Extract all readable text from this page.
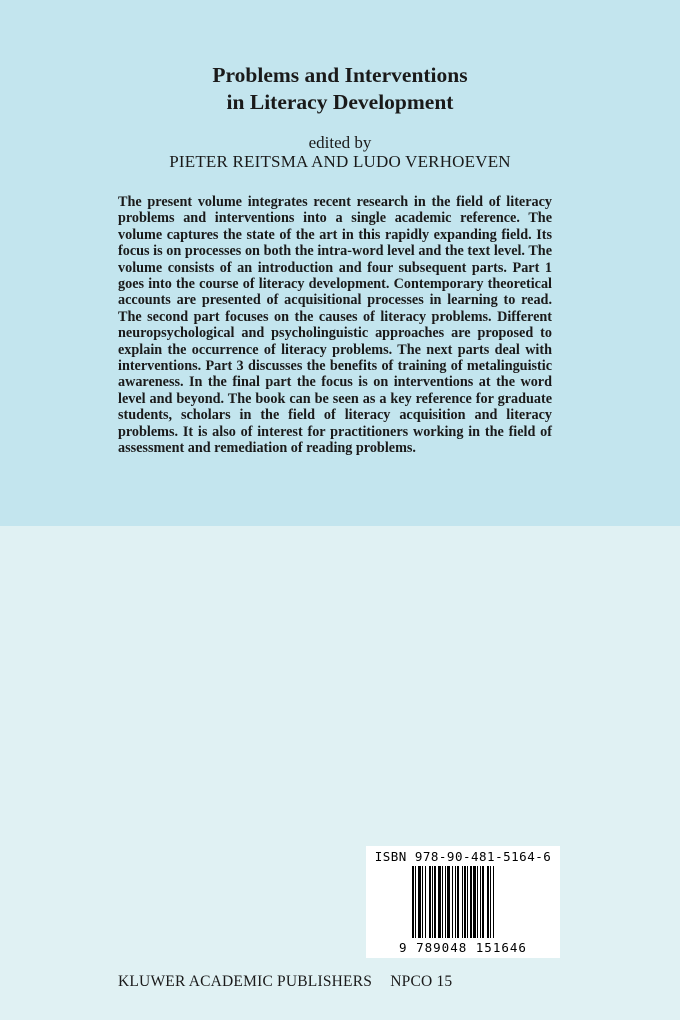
Problems and Interventions
in Literacy Development
edited by
PIETER REITSMA AND LUDO VERHOEVEN
The present volume integrates recent research in the field of literacy problems and interventions into a single academic reference. The volume captures the state of the art in this rapidly expanding field. Its focus is on processes on both the intra-word level and the text level. The volume consists of an introduction and four subsequent parts. Part 1 goes into the course of literacy development. Contemporary theoretical accounts are presented of acquisitional processes in learning to read. The second part focuses on the causes of literacy problems. Different neuropsychological and psycholinguistic approaches are proposed to explain the occurrence of literacy problems. The next parts deal with interventions. Part 3 discusses the benefits of training of metalinguistic awareness. In the final part the focus is on interventions at the word level and beyond. The book can be seen as a key reference for graduate students, scholars in the field of literacy acquisition and literacy problems. It is also of interest for practitioners working in the field of assessment and remediation of reading problems.
ISBN 978-90-481-5164-6
9 789048 151646
KLUWER ACADEMIC PUBLISHERS NPCO 15
